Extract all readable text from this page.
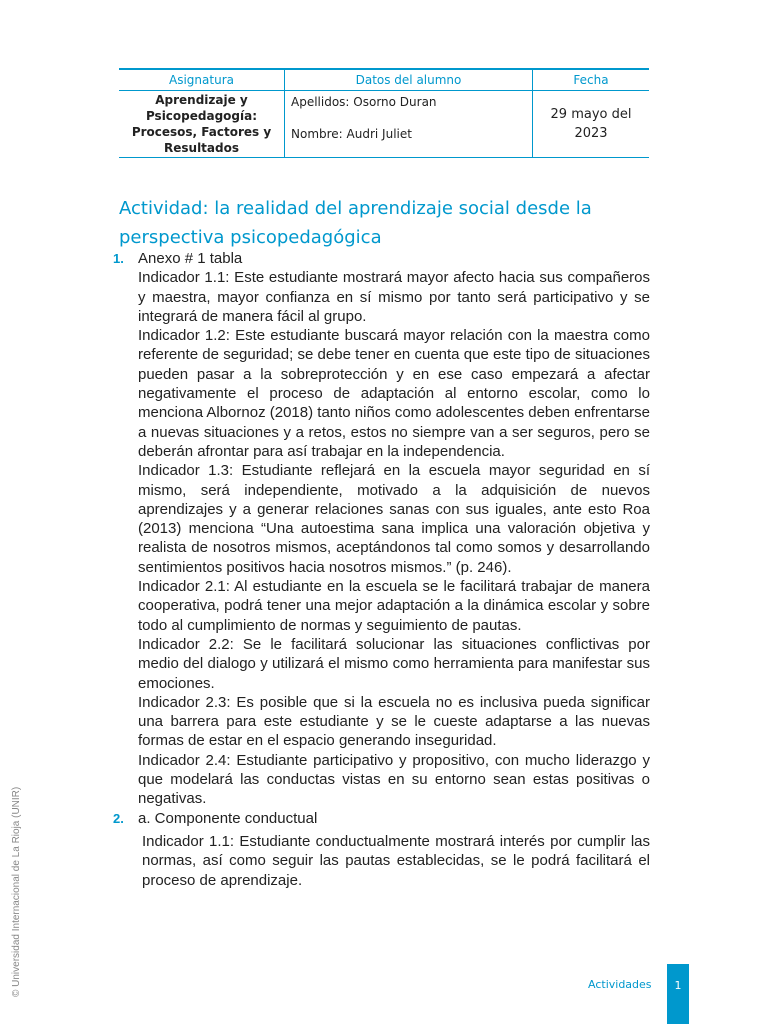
Asignatura	Datos del alumno	Fecha
Aprendizaje y Psicopedagogía: Procesos, Factores y Resultados
Apellidos: Osorno Duran
Nombre: Audri Juliet
29 mayo del 2023
Actividad: la realidad del aprendizaje social desde la perspectiva psicopedagógica
1. Anexo # 1 tabla

Indicador 1.1: Este estudiante mostrará mayor afecto hacia sus compañeros y maestra, mayor confianza en sí mismo por tanto será participativo y se integrará de manera fácil al grupo.

Indicador 1.2: Este estudiante buscará mayor relación con la maestra como referente de seguridad; se debe tener en cuenta que este tipo de situaciones pueden pasar a la sobreprotección y en ese caso empezará a afectar negativamente el proceso de adaptación al entorno escolar, como lo menciona Albornoz (2018) tanto niños como adolescentes deben enfrentarse a nuevas situaciones y a retos, estos no siempre van a ser seguros, pero se deberán afrontar para así trabajar en la independencia.

Indicador 1.3: Estudiante reflejará en la escuela mayor seguridad en sí mismo, será independiente, motivado a la adquisición de nuevos aprendizajes y a generar relaciones sanas con sus iguales, ante esto Roa (2013) menciona “Una autoestima sana implica una valoración objetiva y realista de nosotros mismos, aceptándonos tal como somos y desarrollando sentimientos positivos hacia nosotros mismos.” (p. 246).

Indicador 2.1: Al estudiante en la escuela se le facilitará trabajar de manera cooperativa, podrá tener una mejor adaptación a la dinámica escolar y sobre todo al cumplimiento de normas y seguimiento de pautas.

Indicador 2.2: Se le facilitará solucionar las situaciones conflictivas por medio del dialogo y utilizará el mismo como herramienta para manifestar sus emociones.

Indicador 2.3: Es posible que si la escuela no es inclusiva pueda significar una barrera para este estudiante y se le cueste adaptarse a las nuevas formas de estar en el espacio generando inseguridad.

Indicador 2.4: Estudiante participativo y propositivo, con mucho liderazgo y que modelará las conductas vistas en su entorno sean estas positivas o negativas.

2. a. Componente conductual

Indicador 1.1: Estudiante conductualmente mostrará interés por cumplir las normas, así como seguir las pautas establecidas, se le podrá facilitará el proceso de aprendizaje.

Actividades 1
© Universidad Internacional de La Rioja (UNIR)
